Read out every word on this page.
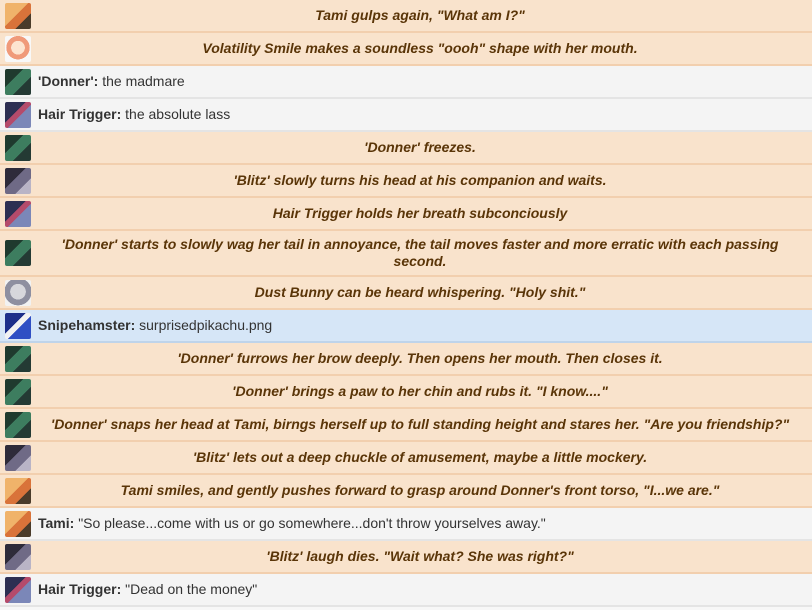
Tami gulps again, "What am I?"
Volatility Smile makes a soundless "oooh" shape with her mouth.
'Donner': the madmare
Hair Trigger: the absolute lass
'Donner' freezes.
'Blitz' slowly turns his head at his companion and waits.
Hair Trigger holds her breath subconciously
'Donner' starts to slowly wag her tail in annoyance, the tail moves faster and more erratic with each passing second.
Dust Bunny can be heard whispering. "Holy shit."
Snipehamster: surprisedpikachu.png
'Donner' furrows her brow deeply. Then opens her mouth. Then closes it.
'Donner' brings a paw to her chin and rubs it. "I know...."
'Donner' snaps her head at Tami, birngs herself up to full standing height and stares her. "Are you friendship?"
'Blitz' lets out a deep chuckle of amusement, maybe a little mockery.
Tami smiles, and gently pushes forward to grasp around Donner's front torso, "I...we are."
Tami: "So please...come with us or go somewhere...don't throw yourselves away."
'Blitz' laugh dies. "Wait what? She was right?"
Hair Trigger: "Dead on the money"
